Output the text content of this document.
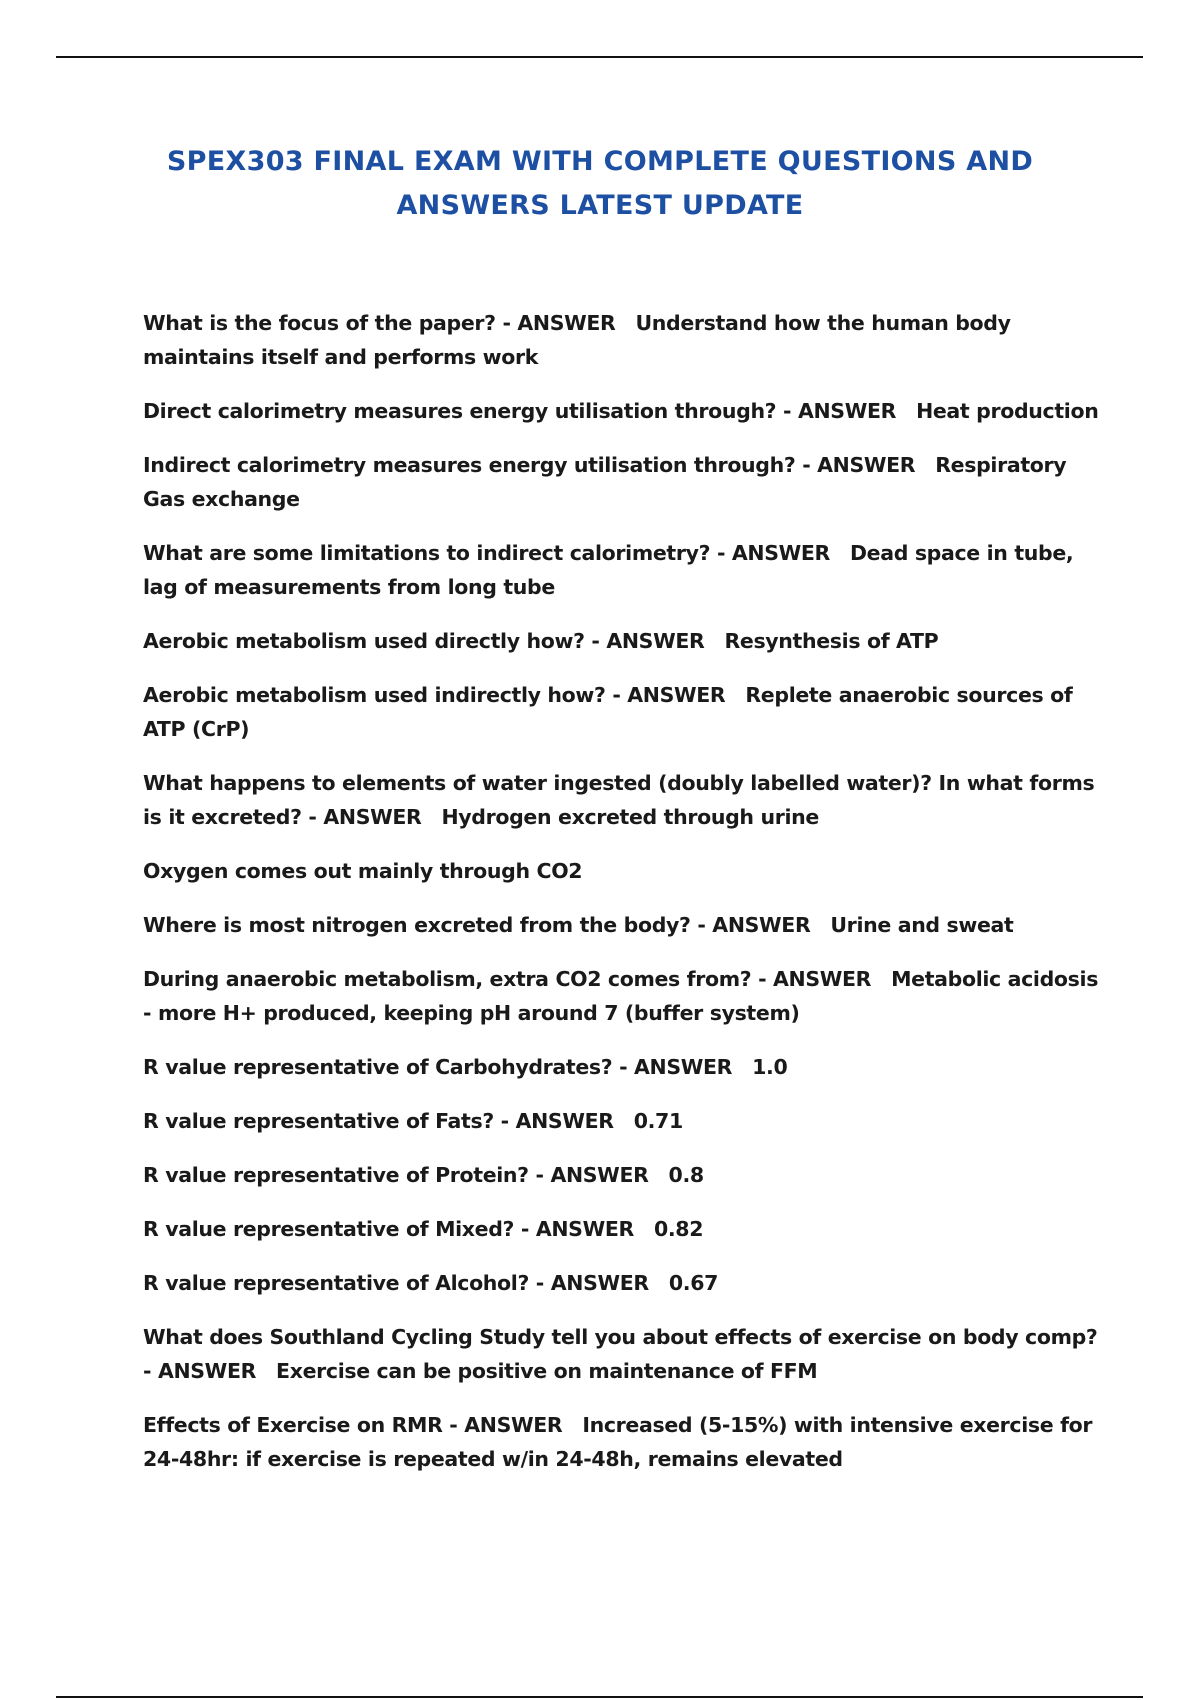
SPEX303 FINAL EXAM WITH COMPLETE QUESTIONS AND ANSWERS LATEST UPDATE
What is the focus of the paper? - ANSWER Understand how the human body maintains itself and performs work
Direct calorimetry measures energy utilisation through? - ANSWER Heat production
Indirect calorimetry measures energy utilisation through? - ANSWER Respiratory Gas exchange
What are some limitations to indirect calorimetry? - ANSWER Dead space in tube, lag of measurements from long tube
Aerobic metabolism used directly how? - ANSWER Resynthesis of ATP
Aerobic metabolism used indirectly how? - ANSWER Replete anaerobic sources of ATP (CrP)
What happens to elements of water ingested (doubly labelled water)? In what forms is it excreted? - ANSWER Hydrogen excreted through urine
Oxygen comes out mainly through CO2
Where is most nitrogen excreted from the body? - ANSWER Urine and sweat
During anaerobic metabolism, extra CO2 comes from? - ANSWER Metabolic acidosis - more H+ produced, keeping pH around 7 (buffer system)
R value representative of Carbohydrates? - ANSWER 1.0
R value representative of Fats? - ANSWER 0.71
R value representative of Protein? - ANSWER 0.8
R value representative of Mixed? - ANSWER 0.82
R value representative of Alcohol? - ANSWER 0.67
What does Southland Cycling Study tell you about effects of exercise on body comp? - ANSWER Exercise can be positive on maintenance of FFM
Effects of Exercise on RMR - ANSWER Increased (5-15%) with intensive exercise for 24-48hr: if exercise is repeated w/in 24-48h, remains elevated
